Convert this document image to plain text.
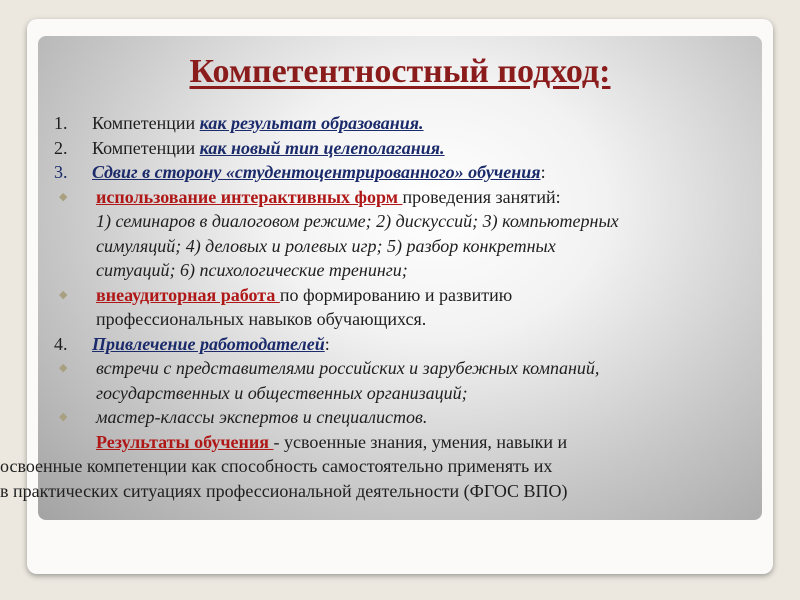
Компетентностный подход:
1.	Компетенции как результат образования.
2.	Компетенции как новый тип целеполагания.
3.	Сдвиг в сторону «студентоцентрированного» обучения:
◆	использование интерактивных форм проведения занятий:
1) семинаров в диалоговом режиме; 2) дискуссий; 3) компьютерных
симуляций; 4) деловых и ролевых игр; 5) разбор конкретных
ситуаций; 6) психологические тренинги;
◆	внеаудиторная работа по формированию и развитию
профессиональных навыков обучающихся.
4.	Привлечение работодателей:
◆	встречи с представителями российских и зарубежных компаний,
государственных и общественных организаций;
◆	мастер-классы экспертов и специалистов.
Результаты обучения - усвоенные знания, умения, навыки и
освоенные компетенции как способность самостоятельно применять их
в практических ситуациях профессиональной деятельности (ФГОС ВПО)
